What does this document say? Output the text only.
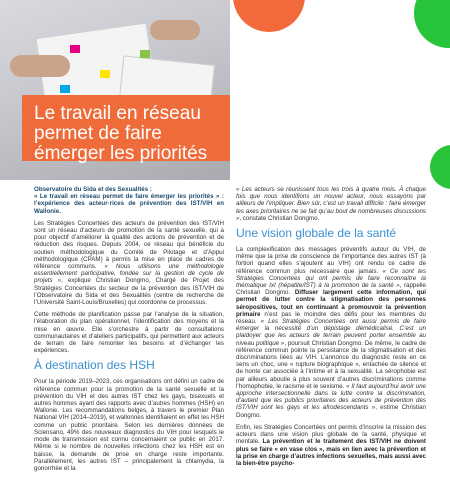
Le travail en réseau
permet de faire
émerger les priorités
Observatoire du Sida et des Sexualités :
« Le travail en réseau permet de faire émerger les priorités » : l’expérience des acteur·rices de prévention des IST/VIH en Wallonie.

Les Stratégies Concertées des acteurs de prévention des IST/VIH sont un réseau d’acteurs de promotion de la santé sexuelle, qui a pour objectif d’améliorer la qualité des actions de prévention et de réduction des risques. Depuis 2004, ce réseau qui bénéficie du soutien méthodologique du Comité de Pilotage et d’Appui méthodologique (CPAM) à permis la mise en place de cadres de référence communs. « Nous utilisons une méthodologie essentiellement participative, fondée sur la gestion de cycle de projets », explique Christian Dongmo, Chargé de Projet des Stratégies Concertées du secteur de la prévention des IST/VIH de l’Observatoire du Sida et des Sexualités (centre de recherche de l’Université Saint-Louis/Bruxelles) qui coordonne ce processus.

Cette méthode de planification passe par l’analyse de la situation, l’élaboration du plan opérationnel, l’identification des moyens et la mise en œuvre. Elle s’orchestre à partir de consultations communautaires et d’ateliers participatifs, qui permettent aux acteurs de terrain de faire remonter les besoins et d’échanger les expériences.

À destination des HSH

Pour la période 2019–2023, ces organisations ont défini un cadre de référence commun pour la promotion de la santé sexuelle et la prévention du VIH et des autres IST chez les gays, bisexuels et autres hommes ayant des rapports avec d’autres hommes (HSH) en Wallonie. Les recommandations belges, à travers le premier Plan National VIH (2014–2019), et wallonnes identifiaient en effet les HSH comme un public prioritaire. Selon les dernières données de Sciensano, 49% des nouveaux diagnostics du VIH pour lesquels le mode de transmission est connu concernaient ce public en 2017. Même si le nombre de nouvelles infections chez les HSH est en baisse, la demande de prise en charge reste importante. Parallèlement, les autres IST – principalement la chlamydia, la gonorrhée et la

« Les acteurs se réunissent tous les trois à quatre mois. À chaque fois que nous identifions un nouvel acteur, nous essayons par ailleurs de l’impliquer. Bien sûr, c’est un travail difficile : faire émerger les axes prioritaires ne se fait qu’au bout de nombreuses discussions », constate Christian Dongmo.

Une vision globale de la santé

La complexification des messages préventifs autour du VIH, de même que la prise de conscience de l’importance des autres IST (à fortiori quand elles s’ajoutent au VIH) ont rendu ce cadre de référence commun plus nécessaire que jamais. « Ce sont les Stratégies Concertées qui ont permis de faire reconnaître la thématique IxI (hépatite/IST) à la promotion de la santé », rappelle Christian Dongmo. Diffuser largement cette information, qui permet de lutter contre la stigmatisation des personnes séropositives, tout en continuant à promouvoir la prévention primaire n’est pas le moindre des défis pour les membres du réseau. « Les Stratégies Concertées ont aussi permis de faire émerger la nécessité d’un dépistage démédicalisé. C’est un plaidoyer que les acteurs de terrain peuvent porter ensemble au niveau politique », poursuit Christian Dongmo. De même, le cadre de référence commun pointe la persistance de la stigmatisation et des discriminations liées au VIH. L’annonce du diagnostic reste en ce sens un choc, une « rupture biographique », entachée de silence et de honte car associée à l’intime et à la sexualité. La sérophobie est par ailleurs aboutie à plus souvent d’autres discriminations comme l’homophobie, le racisme et le sexisme. « Il faut aujourd’hui avoir une approche intersectionnelle dans la lutte contre la discrimination, d’autant que les publics prioritaires des acteurs de prévention des IST/VIH sont les gays et les afrodescendants », estime Christian Dongmo.

Enfin, les Stratégies Concertées ont permis d’inscrire la mission des acteurs dans une vision plus globale de la santé, physique et mentale. La prévention et le traitement des IST/VIH ne doivent plus se faire « en vase clos », mais en lien avec la prévention et la prise en charge d’autres infections sexuelles, mais aussi avec la bien-être psycho-
